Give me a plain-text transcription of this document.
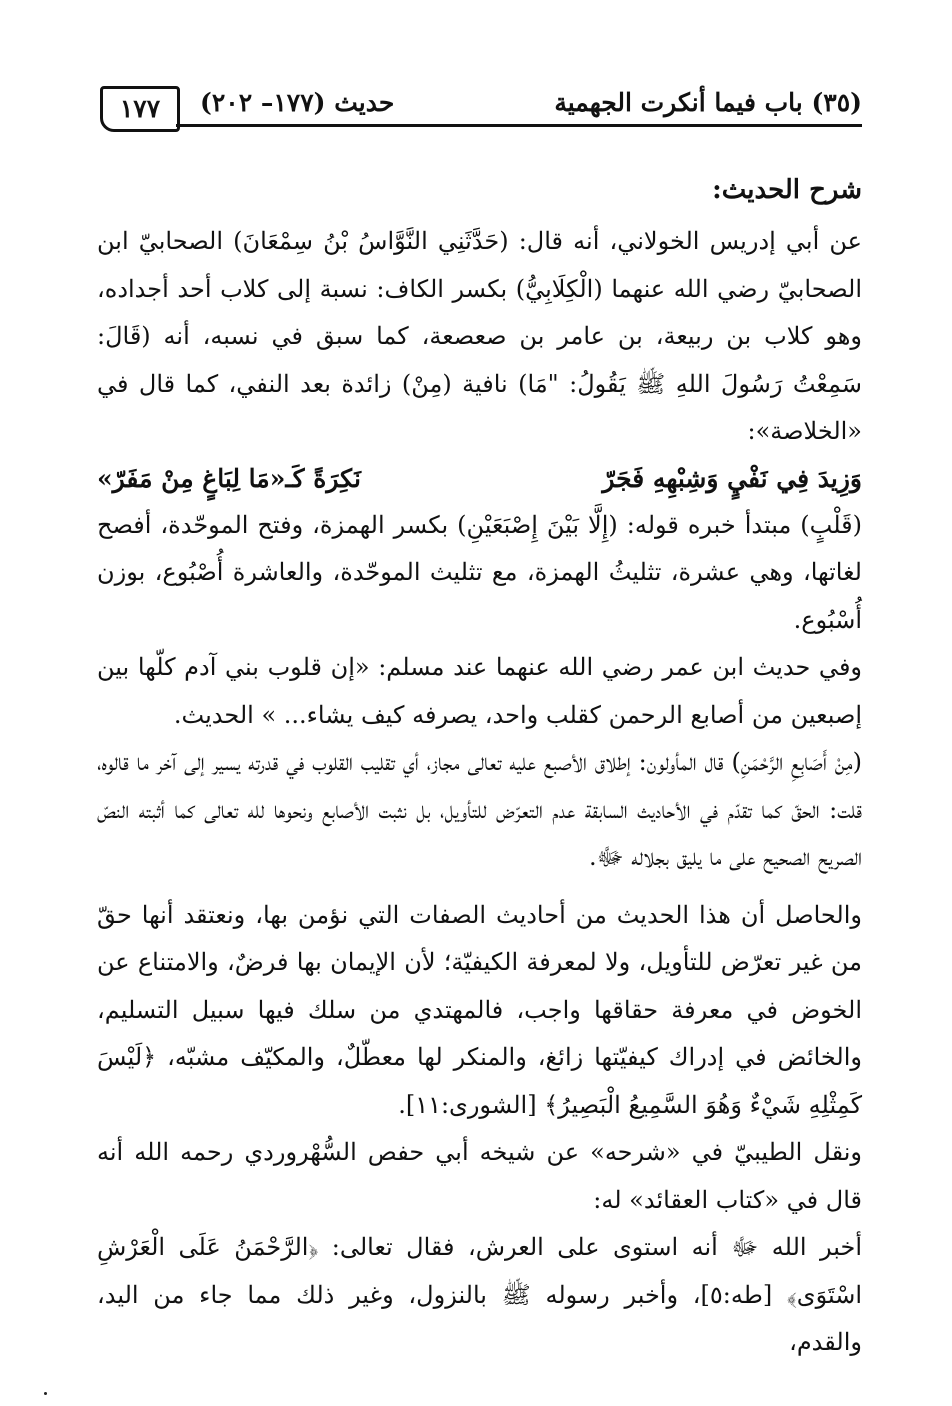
١٧٧	حديث (١٧٧– ٢٠٢)	(٣٥) باب فيما أنكرت الجهمية
شرح الحديث:

عن أبي إدريس الخولاني، أنه قال: (حَدَّثَنِي النَّوَّاسُ بْنُ سِمْعَانَ) الصحابيّ ابن الصحابيّ رضي الله عنهما (الْكِلَابِيُّ) بكسر الكاف: نسبة إلى كلاب أحد أجداده، وهو كلاب بن ربيعة، بن عامر بن صعصعة، كما سبق في نسبه، أنه (قَالَ: سَمِعْتُ رَسُولَ اللهِ ﷺ يَقُولُ: "مَا) نافية (مِنْ) زائدة بعد النفي، كما قال في «الخلاصة»:

وَزِيدَ فِي نَفْيٍ وَشِبْهِهِ فَجَرّ
نَكِرَةً كَـ«مَا لِبَاغٍ مِنْ مَفَرّ»

(قَلْبٍ) مبتدأ خبره قوله: (إِلَّا بَيْنَ إِصْبَعَيْنِ) بكسر الهمزة، وفتح الموحّدة، أفصح لغاتها، وهي عشرة، تثليثُ الهمزة، مع تثليث الموحّدة، والعاشرة أُصْبُوع، بوزن أُسْبُوع.

وفي حديث ابن عمر رضي الله عنهما عند مسلم: «إن قلوب بني آدم كلّها بين إصبعين من أصابع الرحمن كقلب واحد، يصرفه كيف يشاء... » الحديث.

(مِنْ أَصَابِعِ الرَّحْمَنِ) قال المأولون: إطلاق الأصبع عليه تعالى مجاز، أي تقليب القلوب في قدرته يسير إلى آخر ما قالوه، قلت: الحقّ كما تقدّم في الأحاديث السابقة عدم التعرّض للتأويل، بل نثبت الأصابع ونحوها لله تعالى كما أثبته النصّ الصريح الصحيح على ما يليق بجلاله ﷻ.

والحاصل أن هذا الحديث من أحاديث الصفات التي نؤمن بها، ونعتقد أنها حقّ من غير تعرّض للتأويل، ولا لمعرفة الكيفيّة؛ لأن الإيمان بها فرضٌ، والامتناع عن الخوض في معرفة حقاقها واجب، فالمهتدي من سلك فيها سبيل التسليم، والخائض في إدراك كيفيّتها زائغ، والمنكر لها معطّلٌ، والمكيّف مشبّه، ﴿لَيْسَ كَمِثْلِهِ شَيْءٌ وَهُوَ السَّمِيعُ الْبَصِيرُ﴾ [الشورى:١١].

ونقل الطيبيّ في «شرحه» عن شيخه أبي حفص السُّهْروردي رحمه الله أنه قال في «كتاب العقائد» له:

أخبر الله ﷻ أنه استوى على العرش، فقال تعالى: ﴿الرَّحْمَنُ عَلَى الْعَرْشِ اسْتَوَى﴾ [طه:٥]، وأخبر رسوله ﷺ بالنزول، وغير ذلك مما جاء من اليد، والقدم،
